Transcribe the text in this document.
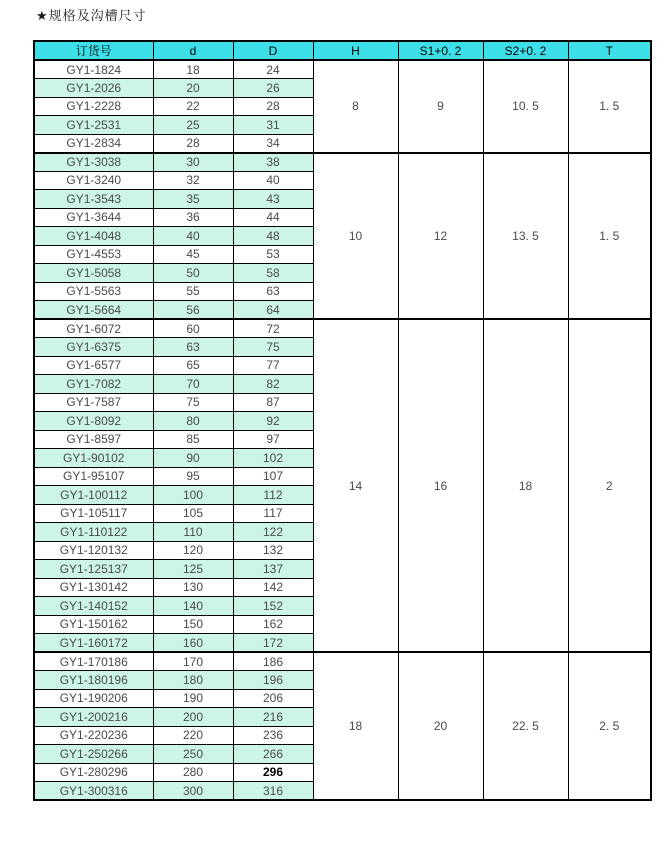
★规格及沟槽尺寸
订货号	d	D	H	S1+0. 2	S2+0. 2	T
GY1-1824	18	24	8	9	10. 5	1. 5
GY1-2026	20	26				
GY1-2228	22	28				
GY1-2531	25	31				
GY1-2834	28	34				
GY1-3038	30	38	10	12	13. 5	1. 5
GY1-3240	32	40				
GY1-3543	35	43				
GY1-3644	36	44				
GY1-4048	40	48				
GY1-4553	45	53				
GY1-5058	50	58				
GY1-5563	55	63				
GY1-5664	56	64				
GY1-6072	60	72	14	16	18	2
GY1-6375	63	75				
GY1-6577	65	77				
GY1-7082	70	82				
GY1-7587	75	87				
GY1-8092	80	92				
GY1-8597	85	97				
GY1-90102	90	102				
GY1-95107	95	107				
GY1-100112	100	112				
GY1-105117	105	117				
GY1-110122	110	122				
GY1-120132	120	132				
GY1-125137	125	137				
GY1-130142	130	142				
GY1-140152	140	152				
GY1-150162	150	162				
GY1-160172	160	172				
GY1-170186	170	186	18	20	22. 5	2. 5
GY1-180196	180	196				
GY1-190206	190	206				
GY1-200216	200	216				
GY1-220236	220	236				
GY1-250266	250	266				
GY1-280296	280	296				
GY1-300316	300	316				
